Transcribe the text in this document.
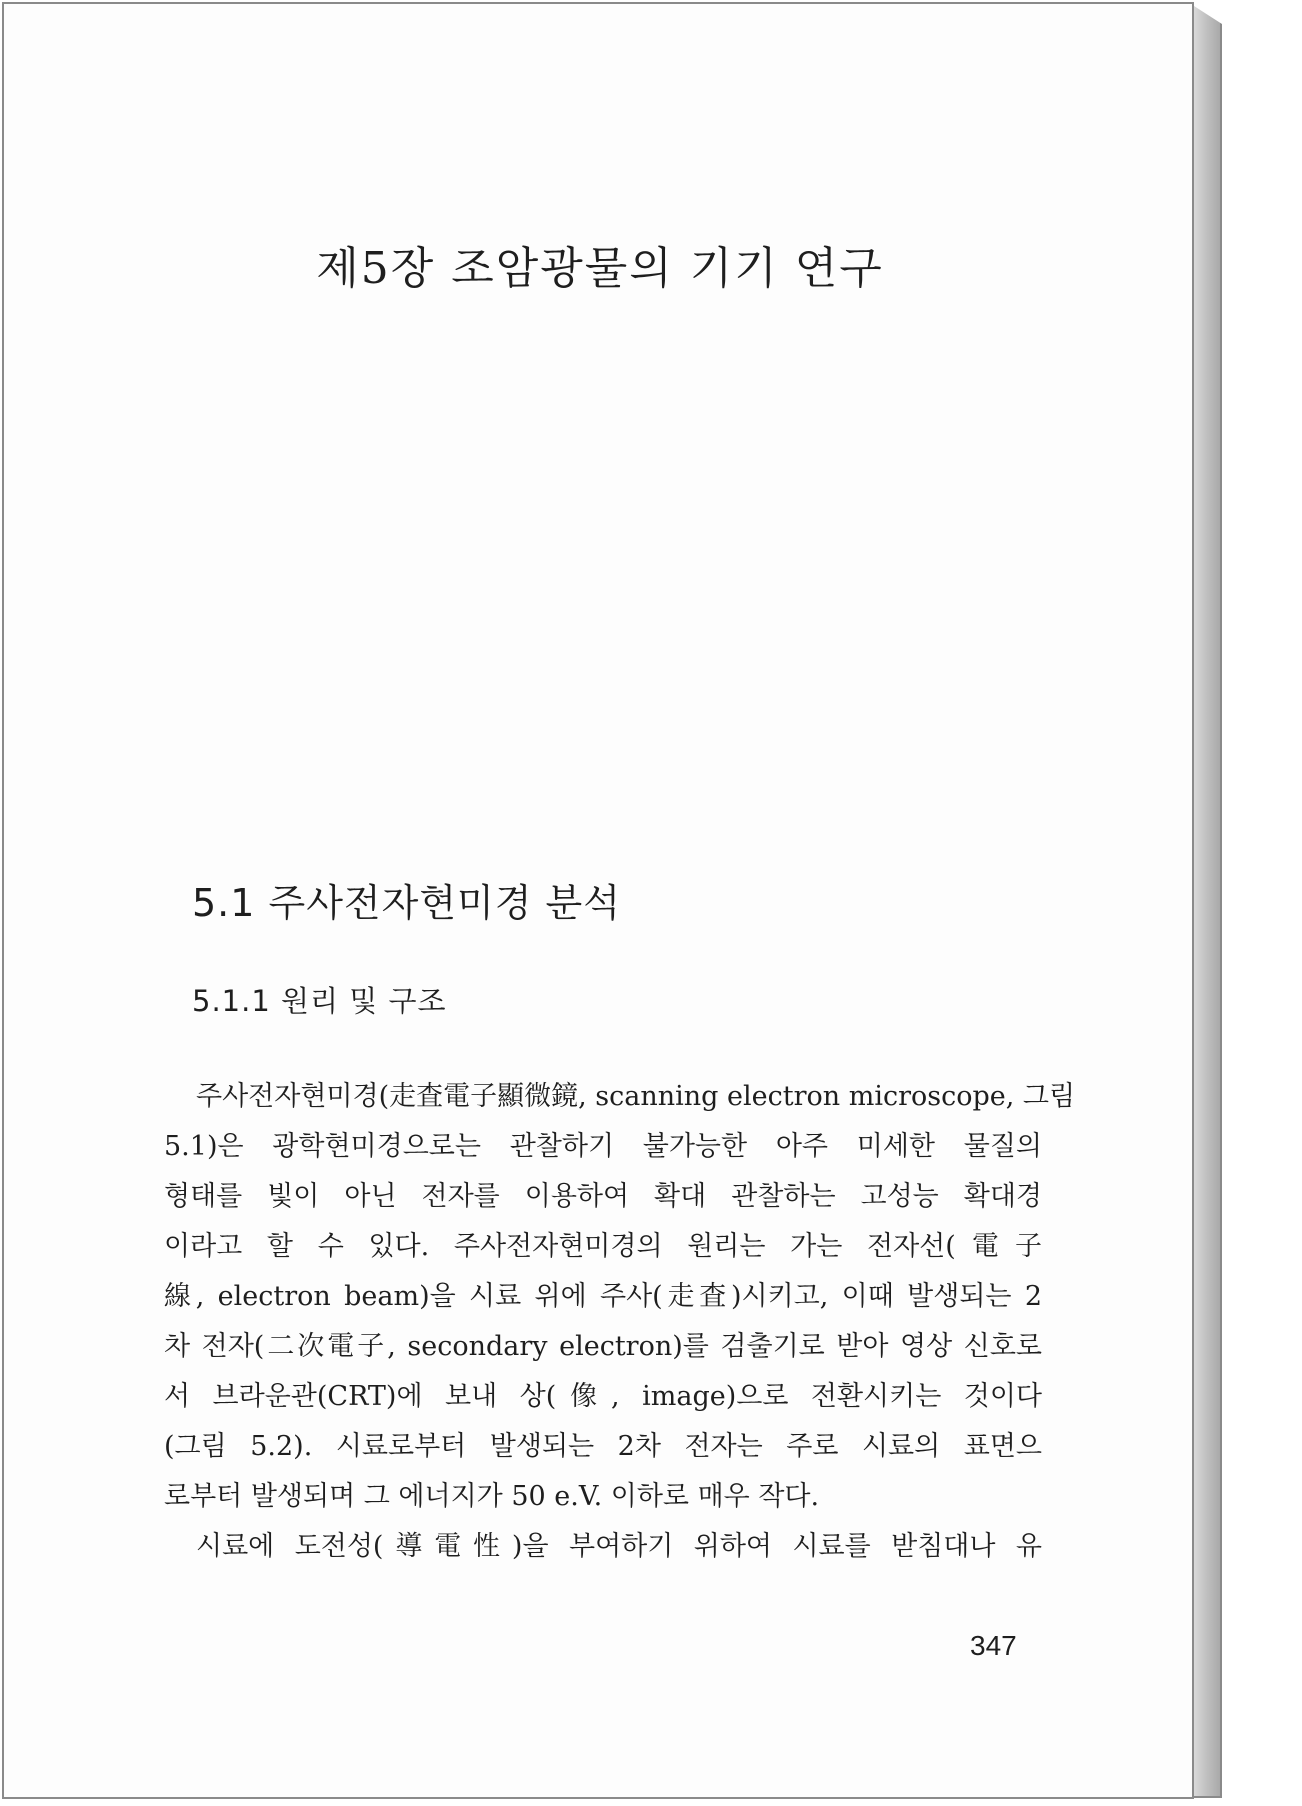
제5장 조암광물의 기기 연구
5.1 주사전자현미경 분석
5.1.1 원리 및 구조
주사전자현미경(走査電子顯微鏡, scanning electron microscope, 그림
5.1)은 광학현미경으로는 관찰하기 불가능한 아주 미세한 물질의
형태를 빛이 아닌 전자를 이용하여 확대 관찰하는 고성능 확대경
이라고 할 수 있다. 주사전자현미경의 원리는 가는 전자선(電子
線, electron beam)을 시료 위에 주사(走査)시키고, 이때 발생되는 2
차 전자(二次電子, secondary electron)를 검출기로 받아 영상 신호로
서 브라운관(CRT)에 보내 상(像, image)으로 전환시키는 것이다
(그림 5.2). 시료로부터 발생되는 2차 전자는 주로 시료의 표면으
로부터 발생되며 그 에너지가 50 e.V. 이하로 매우 작다.
시료에 도전성(導電性)을 부여하기 위하여 시료를 받침대나 유
347
